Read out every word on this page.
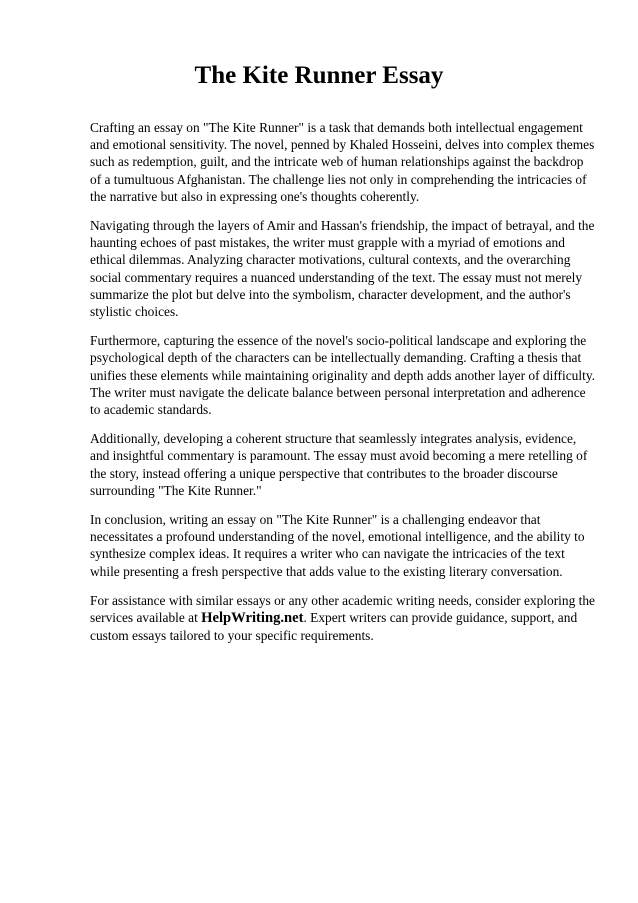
The Kite Runner Essay

Crafting an essay on "The Kite Runner" is a task that demands both intellectual engagement and emotional sensitivity. The novel, penned by Khaled Hosseini, delves into complex themes such as redemption, guilt, and the intricate web of human relationships against the backdrop of a tumultuous Afghanistan. The challenge lies not only in comprehending the intricacies of the narrative but also in expressing one's thoughts coherently.

Navigating through the layers of Amir and Hassan's friendship, the impact of betrayal, and the haunting echoes of past mistakes, the writer must grapple with a myriad of emotions and ethical dilemmas. Analyzing character motivations, cultural contexts, and the overarching social commentary requires a nuanced understanding of the text. The essay must not merely summarize the plot but delve into the symbolism, character development, and the author's stylistic choices.

Furthermore, capturing the essence of the novel's socio-political landscape and exploring the psychological depth of the characters can be intellectually demanding. Crafting a thesis that unifies these elements while maintaining originality and depth adds another layer of difficulty. The writer must navigate the delicate balance between personal interpretation and adherence to academic standards.

Additionally, developing a coherent structure that seamlessly integrates analysis, evidence, and insightful commentary is paramount. The essay must avoid becoming a mere retelling of the story, instead offering a unique perspective that contributes to the broader discourse surrounding "The Kite Runner."

In conclusion, writing an essay on "The Kite Runner" is a challenging endeavor that necessitates a profound understanding of the novel, emotional intelligence, and the ability to synthesize complex ideas. It requires a writer who can navigate the intricacies of the text while presenting a fresh perspective that adds value to the existing literary conversation.

For assistance with similar essays or any other academic writing needs, consider exploring the services available at HelpWriting.net. Expert writers can provide guidance, support, and custom essays tailored to your specific requirements.
